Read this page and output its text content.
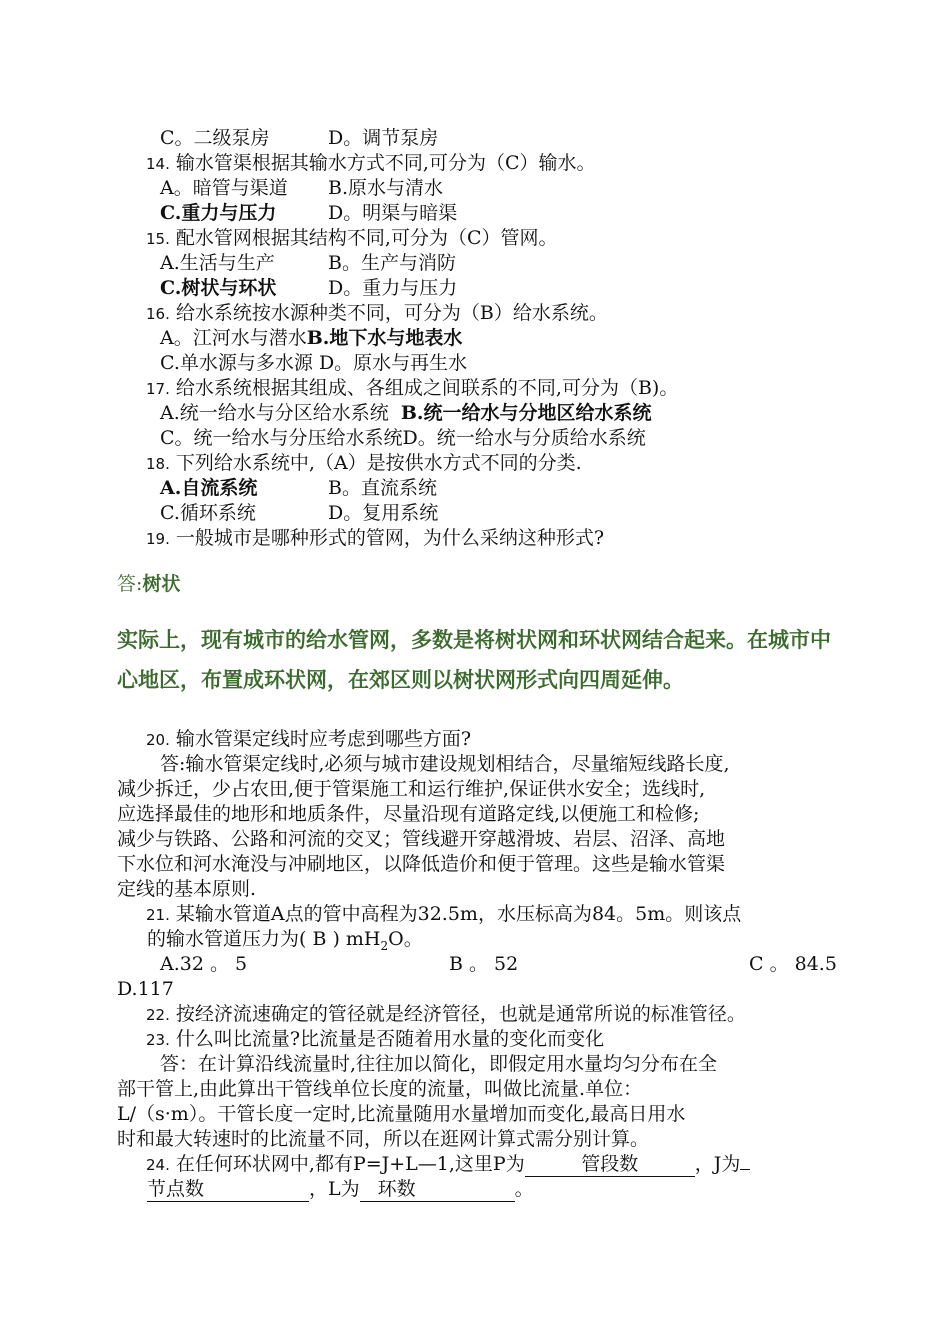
C。二级泵房	D。调节泵房
14. 输水管渠根据其输水方式不同,可分为（C）输水。
A。暗管与渠道 B.原水与清水
C.重力与压力	D。明渠与暗渠
15. 配水管网根据其结构不同,可分为（C）管网。
A.生活与生产	B。生产与消防
C.树状与环状	D。重力与压力
16. 给水系统按水源种类不同，可分为（B）给水系统。
A。江河水与潜水B.地下水与地表水
C.单水源与多水源 D。原水与再生水
17. 给水系统根据其组成、各组成之间联系的不同,可分为（B)。
A.统一给水与分区给水系统 B.统一给水与分地区给水系统
C。统一给水与分压给水系统D。统一给水与分质给水系统
18. 下列给水系统中,（A）是按供水方式不同的分类.
A.自流系统	B。直流系统
C.循环系统	D。复用系统
19. 一般城市是哪种形式的管网，为什么采纳这种形式?
答:树状
实际上，现有城市的给水管网，多数是将树状网和环状网结合起来。在城市中心地区，布置成环状网，在郊区则以树状网形式向四周延伸。
20. 输水管渠定线时应考虑到哪些方面?
答:输水管渠定线时,必须与城市建设规划相结合，尽量缩短线路长度,
减少拆迁，少占农田,便于管渠施工和运行维护,保证供水安全；选线时,
应选择最佳的地形和地质条件，尽量沿现有道路定线,以便施工和检修;
减少与铁路、公路和河流的交叉；管线避开穿越滑坡、岩层、沼泽、高地
下水位和河水淹没与冲刷地区，以降低造价和便于管理。这些是输水管渠
定线的基本原则.
21. 某输水管道A点的管中高程为32.5m，水压标高为84。5m。则该点
的输水管道压力为( B ) $mH_2O$。
A.32 。 5	B 。 52	C 。 84.5
D.117
22. 按经济流速确定的管径就是经济管径，也就是通常所说的标准管径。
23. 什么叫比流量?比流量是否随着用水量的变化而变化
答：在计算沿线流量时,往往加以简化，即假定用水量均匀分布在全
部干管上,由此算出干管线单位长度的流量，叫做比流量.单位：
L/（s·m）。干管长度一定时,比流量随用水量增加而变化,最高日用水
时和最大转速时的比流量不同，所以在逛网计算式需分别计算。
24. 在任何环状网中,都有P=J+L—1,这里P为	管段数	，J为
节点数	，L为 环数	。
